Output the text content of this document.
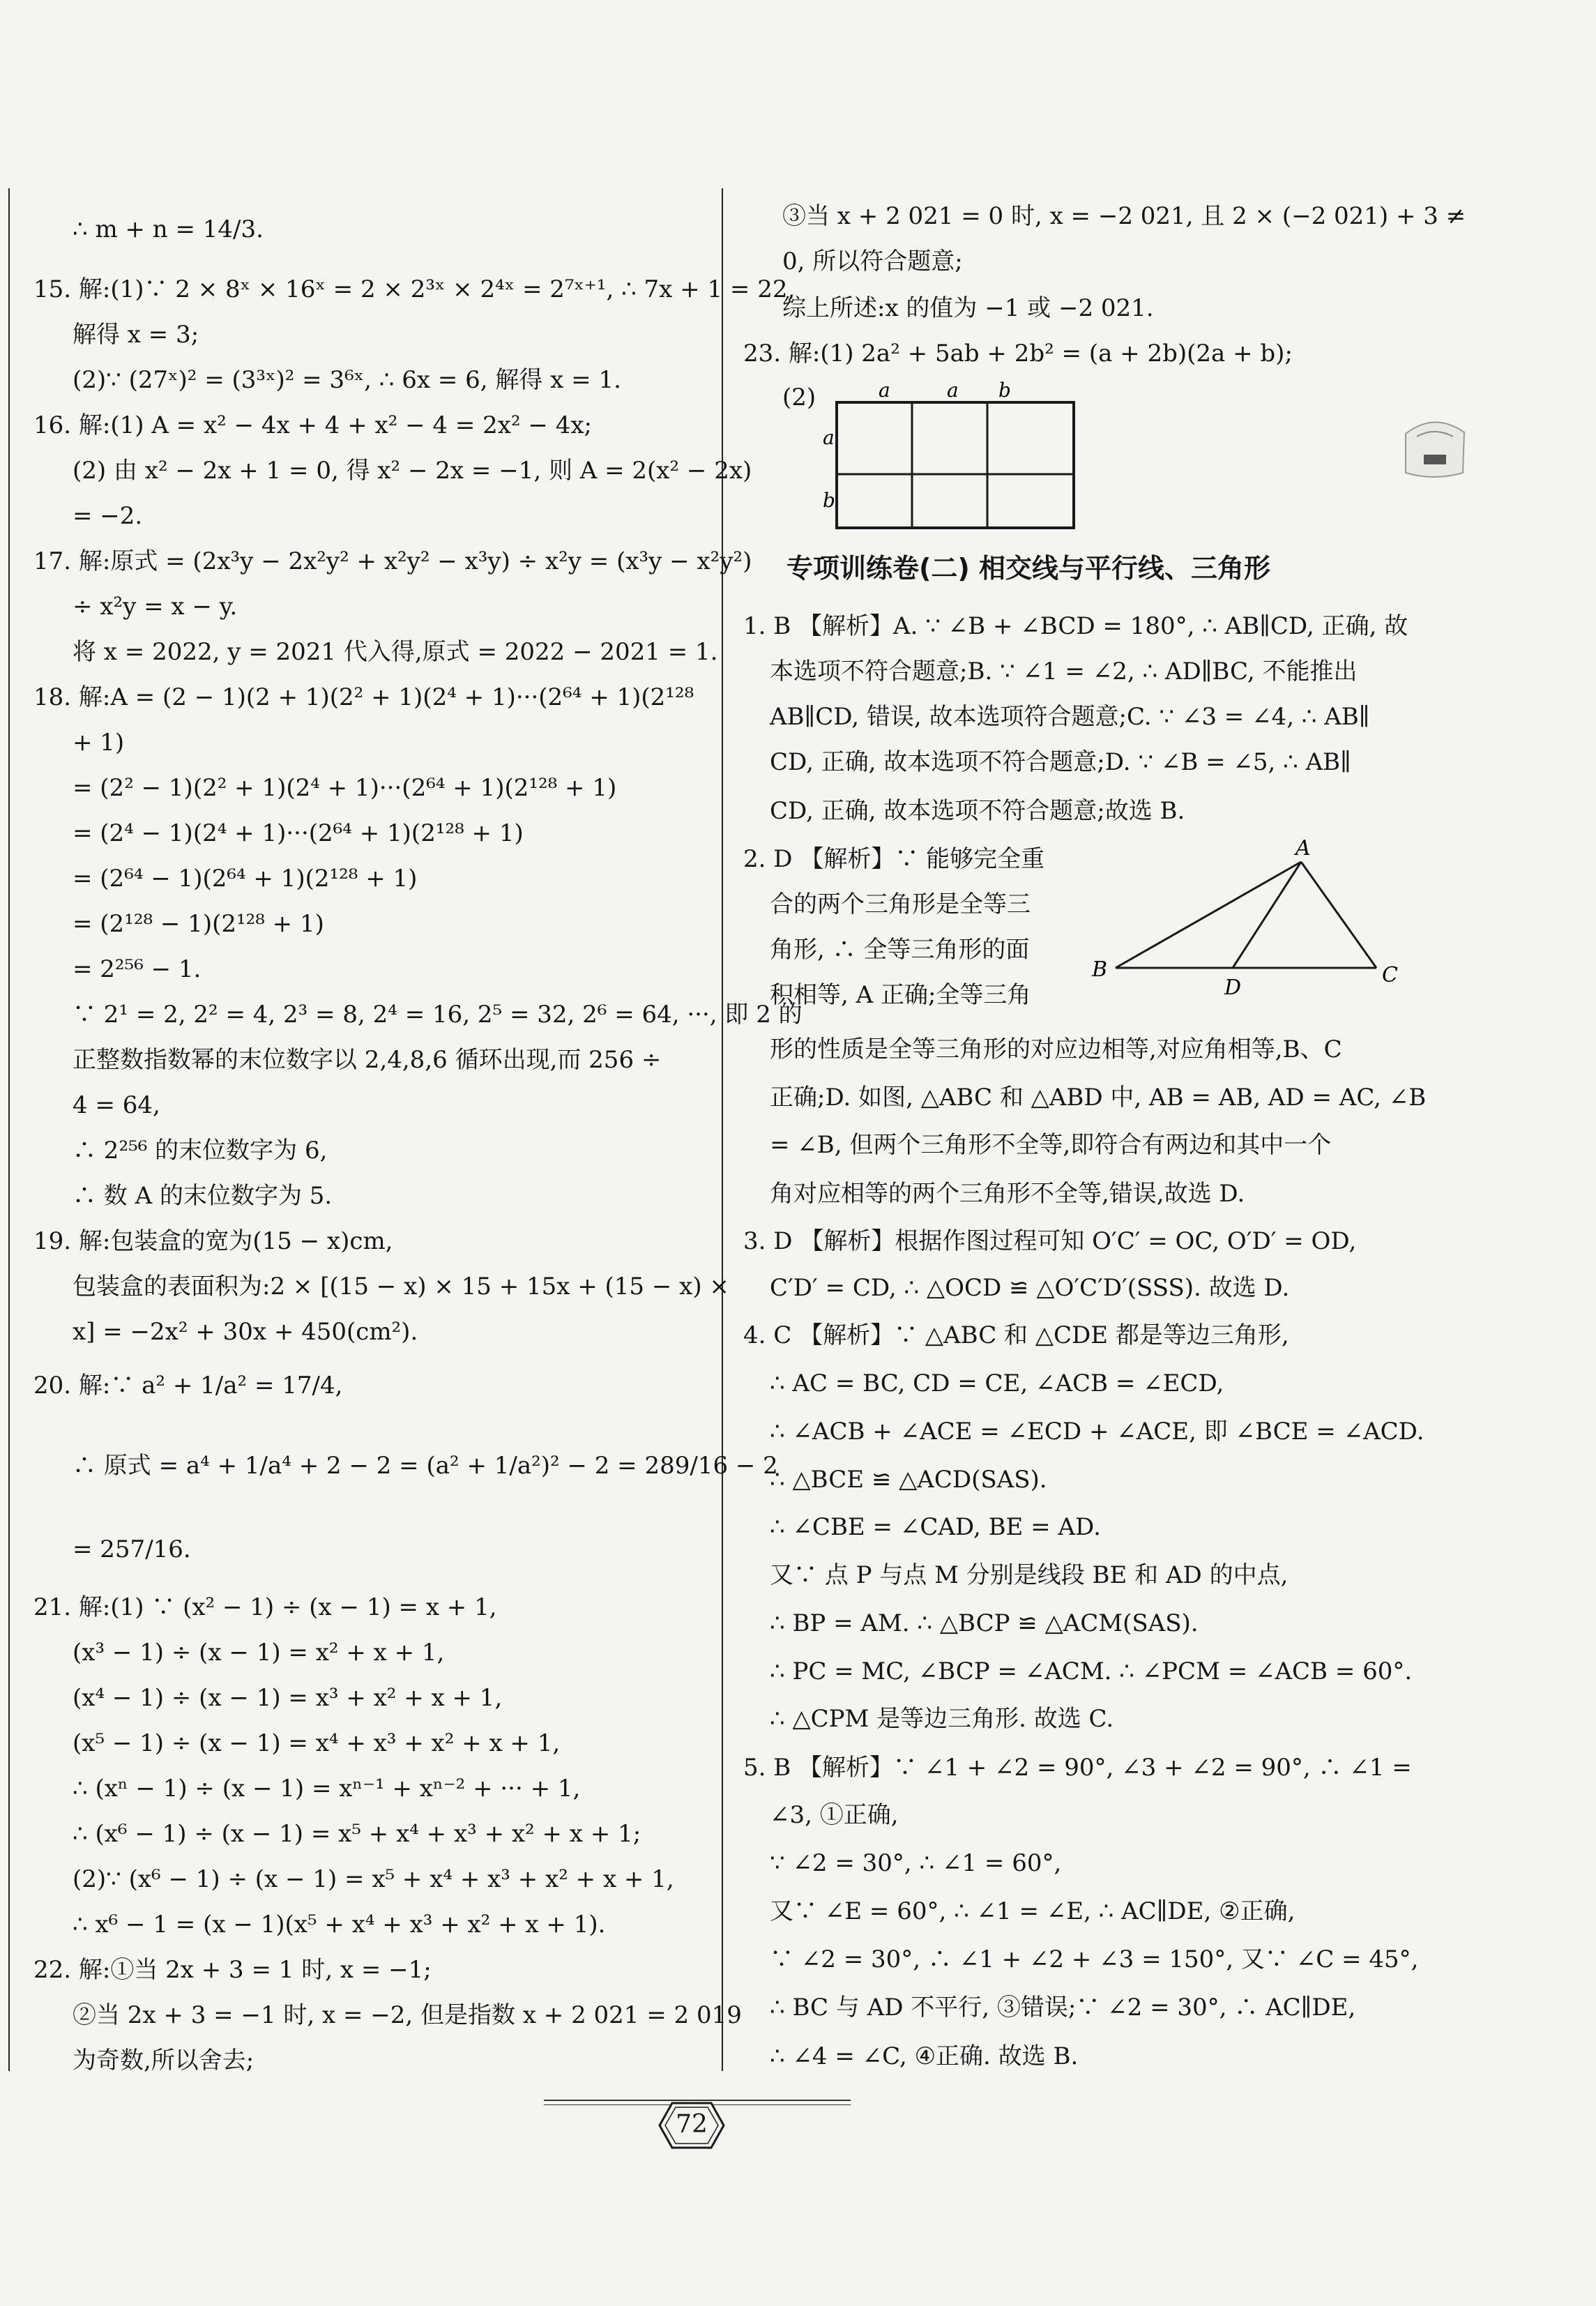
∴ m + n = 14/3.
15. 解:(1)∵ 2 × 8ˣ × 16ˣ = 2 × 2³ˣ × 2⁴ˣ = 2⁷ˣ⁺¹, ∴ 7x + 1 = 22,
解得 x = 3;
(2)∵ (27ˣ)² = (3³ˣ)² = 3⁶ˣ, ∴ 6x = 6, 解得 x = 1.
16. 解:(1) A = x² − 4x + 4 + x² − 4 = 2x² − 4x;
(2) 由 x² − 2x + 1 = 0, 得 x² − 2x = −1, 则 A = 2(x² − 2x)
= −2.
17. 解:原式 = (2x³y − 2x²y² + x²y² − x³y) ÷ x²y = (x³y − x²y²)
÷ x²y = x − y.
将 x = 2022, y = 2021 代入得,原式 = 2022 − 2021 = 1.
18. 解:A = (2 − 1)(2 + 1)(2² + 1)(2⁴ + 1)···(2⁶⁴ + 1)(2¹²⁸
+ 1)
= (2² − 1)(2² + 1)(2⁴ + 1)···(2⁶⁴ + 1)(2¹²⁸ + 1)
= (2⁴ − 1)(2⁴ + 1)···(2⁶⁴ + 1)(2¹²⁸ + 1)
= (2⁶⁴ − 1)(2⁶⁴ + 1)(2¹²⁸ + 1)
= (2¹²⁸ − 1)(2¹²⁸ + 1)
= 2²⁵⁶ − 1.
∵ 2¹ = 2, 2² = 4, 2³ = 8, 2⁴ = 16, 2⁵ = 32, 2⁶ = 64, ···, 即 2 的
正整数指数幂的末位数字以 2,4,8,6 循环出现,而 256 ÷
4 = 64,
∴ 2²⁵⁶ 的末位数字为 6,
∴ 数 A 的末位数字为 5.
19. 解:包装盒的宽为(15 − x)cm,
包装盒的表面积为:2 × [(15 − x) × 15 + 15x + (15 − x) ×
x] = −2x² + 30x + 450(cm²).
20. 解:∵ a² + 1/a² = 17/4,
∴ 原式 = a⁴ + 1/a⁴ + 2 − 2 = (a² + 1/a²)² − 2 = 289/16 − 2
= 257/16.
21. 解:(1) ∵ (x² − 1) ÷ (x − 1) = x + 1,
(x³ − 1) ÷ (x − 1) = x² + x + 1,
(x⁴ − 1) ÷ (x − 1) = x³ + x² + x + 1,
(x⁵ − 1) ÷ (x − 1) = x⁴ + x³ + x² + x + 1,
∴ (xⁿ − 1) ÷ (x − 1) = xⁿ⁻¹ + xⁿ⁻² + ··· + 1,
∴ (x⁶ − 1) ÷ (x − 1) = x⁵ + x⁴ + x³ + x² + x + 1;
(2)∵ (x⁶ − 1) ÷ (x − 1) = x⁵ + x⁴ + x³ + x² + x + 1,
∴ x⁶ − 1 = (x − 1)(x⁵ + x⁴ + x³ + x² + x + 1).
22. 解:①当 2x + 3 = 1 时, x = −1;
②当 2x + 3 = −1 时, x = −2, 但是指数 x + 2 021 = 2 019
为奇数,所以舍去;
③当 x + 2 021 = 0 时, x = −2 021, 且 2 × (−2 021) + 3 ≠
0, 所以符合题意;
综上所述:x 的值为 −1 或 −2 021.
23. 解:(1) 2a² + 5ab + 2b² = (a + 2b)(2a + b);
(2)	a	a b
a
b
专项训练卷(二) 相交线与平行线、三角形
1. B 【解析】A. ∵ ∠B + ∠BCD = 180°, ∴ AB∥CD, 正确, 故
本选项不符合题意;B. ∵ ∠1 = ∠2, ∴ AD∥BC, 不能推出
AB∥CD, 错误, 故本选项符合题意;C. ∵ ∠3 = ∠4, ∴ AB∥
CD, 正确, 故本选项不符合题意;D. ∵ ∠B = ∠5, ∴ AB∥
CD, 正确, 故本选项不符合题意;故选 B.
2. D 【解析】∵ 能够完全重
合的两个三角形是全等三
角形, ∴ 全等三角形的面
积相等, A 正确;全等三角
形的性质是全等三角形的对应边相等,对应角相等,B、C
正确;D. 如图, △ABC 和 △ABD 中, AB = AB, AD = AC, ∠B
= ∠B, 但两个三角形不全等,即符合有两边和其中一个
角对应相等的两个三角形不全等,错误,故选 D.
A
B	C
D
3. D 【解析】根据作图过程可知 O′C′ = OC, O′D′ = OD,
C′D′ = CD, ∴ △OCD ≌ △O′C′D′(SSS). 故选 D.
4. C 【解析】∵ △ABC 和 △CDE 都是等边三角形,
∴ AC = BC, CD = CE, ∠ACB = ∠ECD,
∴ ∠ACB + ∠ACE = ∠ECD + ∠ACE, 即 ∠BCE = ∠ACD.
∴ △BCE ≌ △ACD(SAS).
∴ ∠CBE = ∠CAD, BE = AD.
又∵ 点 P 与点 M 分别是线段 BE 和 AD 的中点,
∴ BP = AM. ∴ △BCP ≌ △ACM(SAS).
∴ PC = MC, ∠BCP = ∠ACM. ∴ ∠PCM = ∠ACB = 60°.
∴ △CPM 是等边三角形. 故选 C.
5. B 【解析】∵ ∠1 + ∠2 = 90°, ∠3 + ∠2 = 90°, ∴ ∠1 =
∠3, ①正确,
∵ ∠2 = 30°, ∴ ∠1 = 60°,
又∵ ∠E = 60°, ∴ ∠1 = ∠E, ∴ AC∥DE, ②正确,
∵ ∠2 = 30°, ∴ ∠1 + ∠2 + ∠3 = 150°, 又∵ ∠C = 45°,
∴ BC 与 AD 不平行, ③错误;∵ ∠2 = 30°, ∴ AC∥DE,
∴ ∠4 = ∠C, ④正确. 故选 B.
72
